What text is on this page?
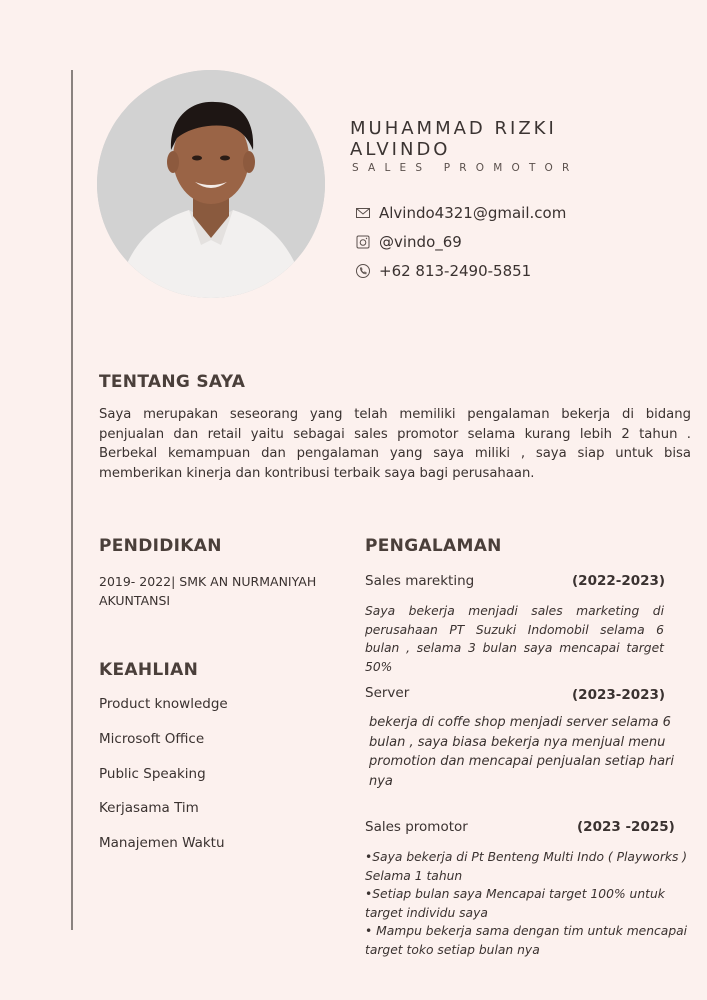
MUHAMMAD RIZKI
ALVINDO
SALES PROMOTOR
Alvindo4321@gmail.com
@vindo_69
+62 813-2490-5851
TENTANG SAYA
Saya merupakan seseorang yang telah memiliki pengalaman bekerja di bidang penjualan dan retail yaitu sebagai sales promotor selama kurang lebih 2 tahun . Berbekal kemampuan dan pengalaman yang saya miliki , saya siap untuk bisa memberikan kinerja dan kontribusi terbaik saya bagi perusahaan.
PENDIDIKAN
2019- 2022| SMK AN NURMANIYAH AKUNTANSI
KEAHLIAN
Product knowledge
Microsoft Office
Public Speaking
Kerjasama Tim
Manajemen Waktu
PENGALAMAN
Sales marekting	(2022-2023)
Saya bekerja menjadi sales marketing di perusahaan PT Suzuki Indomobil selama 6 bulan , selama 3 bulan saya mencapai target 50%
Server	(2023-2023)
bekerja di coffe shop menjadi server selama 6 bulan , saya biasa bekerja nya menjual menu promotion dan mencapai penjualan setiap hari nya
Sales promotor	(2023 -2025)
•Saya bekerja di Pt Benteng Multi Indo ( Playworks ) Selama 1 tahun
•Setiap bulan saya Mencapai target 100% untuk target individu saya
• Mampu bekerja sama dengan tim untuk mencapai target toko setiap bulan nya
